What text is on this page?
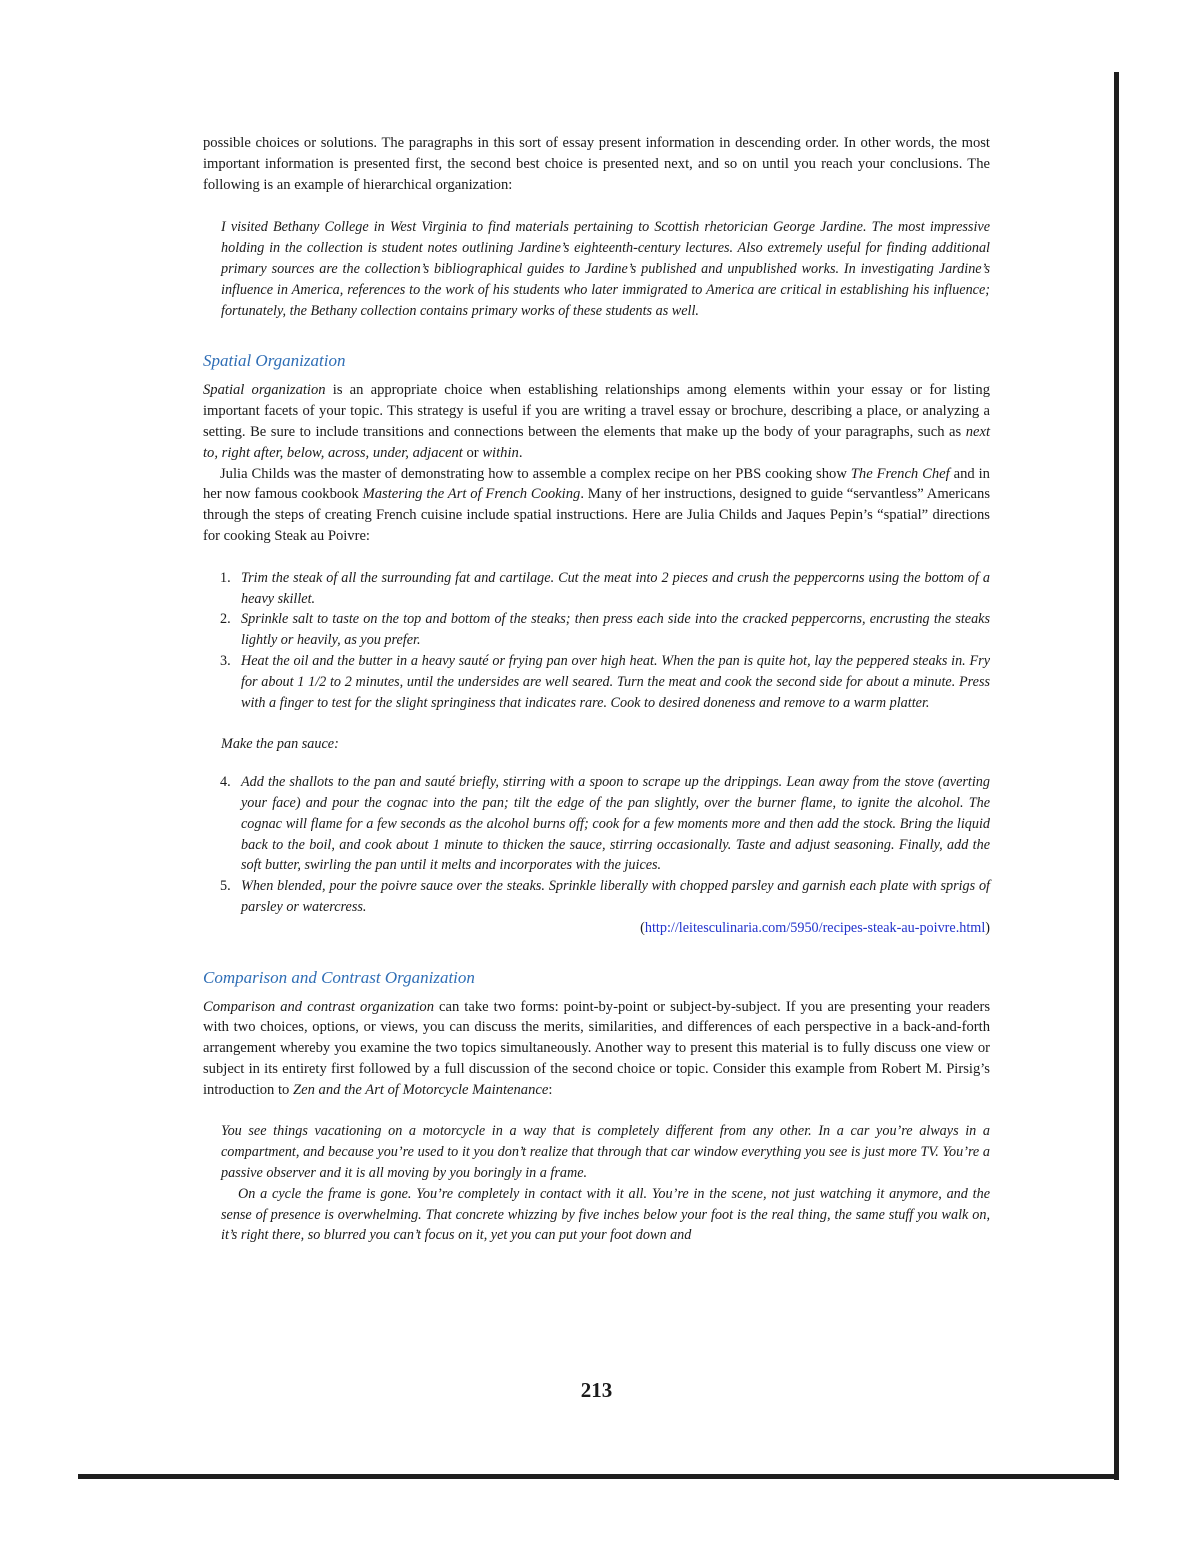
possible choices or solutions. The paragraphs in this sort of essay present information in descending order. In other words, the most important information is presented first, the second best choice is presented next, and so on until you reach your conclusions. The following is an example of hierarchical organization:

I visited Bethany College in West Virginia to find materials pertaining to Scottish rhetorician George Jardine. The most impressive holding in the collection is student notes outlining Jardine’s eighteenth-century lectures. Also extremely useful for finding additional primary sources are the collection’s bibliographical guides to Jardine’s published and unpublished works. In investigating Jardine’s influence in America, references to the work of his students who later immigrated to America are critical in establishing his influence; fortunately, the Bethany collection contains primary works of these students as well.

Spatial Organization

Spatial organization is an appropriate choice when establishing relationships among elements within your essay or for listing important facets of your topic. This strategy is useful if you are writing a travel essay or brochure, describing a place, or analyzing a setting. Be sure to include transitions and connections between the elements that make up the body of your paragraphs, such as next to, right after, below, across, under, adjacent or within.

Julia Childs was the master of demonstrating how to assemble a complex recipe on her PBS cooking show The French Chef and in her now famous cookbook Mastering the Art of French Cooking. Many of her instructions, designed to guide “servantless” Americans through the steps of creating French cuisine include spatial instructions. Here are Julia Childs and Jaques Pepin’s “spatial” directions for cooking Steak au Poivre:

1. Trim the steak of all the surrounding fat and cartilage. Cut the meat into 2 pieces and crush the peppercorns using the bottom of a heavy skillet.
2. Sprinkle salt to taste on the top and bottom of the steaks; then press each side into the cracked peppercorns, encrusting the steaks lightly or heavily, as you prefer.
3. Heat the oil and the butter in a heavy sauté or frying pan over high heat. When the pan is quite hot, lay the peppered steaks in. Fry for about 1 1/2 to 2 minutes, until the undersides are well seared. Turn the meat and cook the second side for about a minute. Press with a finger to test for the slight springiness that indicates rare. Cook to desired doneness and remove to a warm platter.

Make the pan sauce:

4. Add the shallots to the pan and sauté briefly, stirring with a spoon to scrape up the drippings. Lean away from the stove (averting your face) and pour the cognac into the pan; tilt the edge of the pan slightly, over the burner flame, to ignite the alcohol. The cognac will flame for a few seconds as the alcohol burns off; cook for a few moments more and then add the stock. Bring the liquid back to the boil, and cook about 1 minute to thicken the sauce, stirring occasionally. Taste and adjust seasoning. Finally, add the soft butter, swirling the pan until it melts and incorporates with the juices.
5. When blended, pour the poivre sauce over the steaks. Sprinkle liberally with chopped parsley and garnish each plate with sprigs of parsley or watercress.

(http://leitesculinaria.com/5950/recipes-steak-au-poivre.html)

Comparison and Contrast Organization

Comparison and contrast organization can take two forms: point-by-point or subject-by-subject. If you are presenting your readers with two choices, options, or views, you can discuss the merits, similarities, and differences of each perspective in a back-and-forth arrangement whereby you examine the two topics simultaneously. Another way to present this material is to fully discuss one view or subject in its entirety first followed by a full discussion of the second choice or topic. Consider this example from Robert M. Pirsig’s introduction to Zen and the Art of Motorcycle Maintenance:

You see things vacationing on a motorcycle in a way that is completely different from any other. In a car you’re always in a compartment, and because you’re used to it you don’t realize that through that car window everything you see is just more TV. You’re a passive observer and it is all moving by you boringly in a frame.

On a cycle the frame is gone. You’re completely in contact with it all. You’re in the scene, not just watching it anymore, and the sense of presence is overwhelming. That concrete whizzing by five inches below your foot is the real thing, the same stuff you walk on, it’s right there, so blurred you can’t focus on it, yet you can put your foot down and

213
